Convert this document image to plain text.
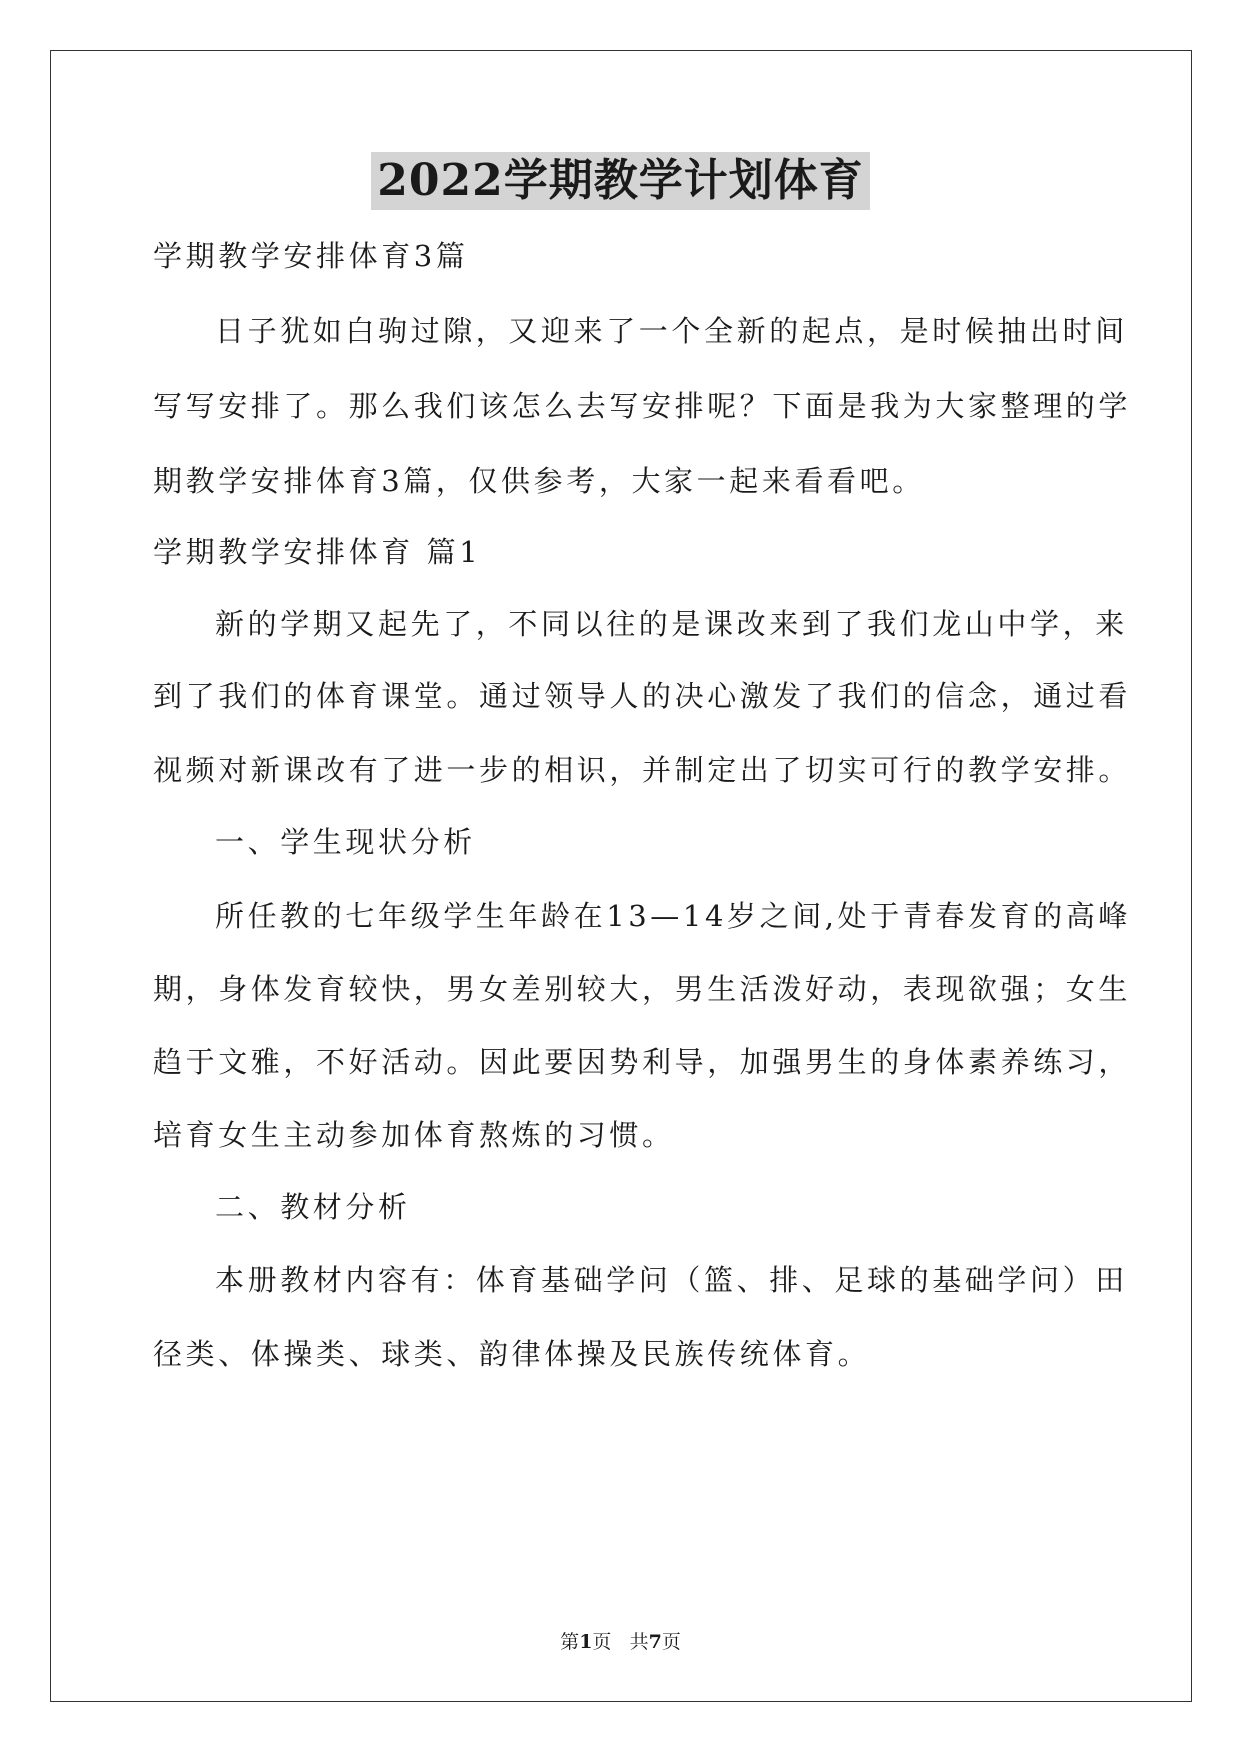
2022学期教学计划体育
学期教学安排体育3篇
日子犹如白驹过隙，又迎来了一个全新的起点，是时候抽出时间
写写安排了。那么我们该怎么去写安排呢？下面是我为大家整理的学
期教学安排体育3篇，仅供参考，大家一起来看看吧。
学期教学安排体育 篇1
新的学期又起先了，不同以往的是课改来到了我们龙山中学，来
到了我们的体育课堂。通过领导人的决心激发了我们的信念，通过看
视频对新课改有了进一步的相识，并制定出了切实可行的教学安排。
一、学生现状分析
所任教的七年级学生年龄在13—14岁之间,处于青春发育的高峰
期，身体发育较快，男女差别较大，男生活泼好动，表现欲强；女生
趋于文雅，不好活动。因此要因势利导，加强男生的身体素养练习，
培育女生主动参加体育熬炼的习惯。
二、教材分析
本册教材内容有：体育基础学问（篮、排、足球的基础学问）田
径类、体操类、球类、韵律体操及民族传统体育。
第1页 共7页
